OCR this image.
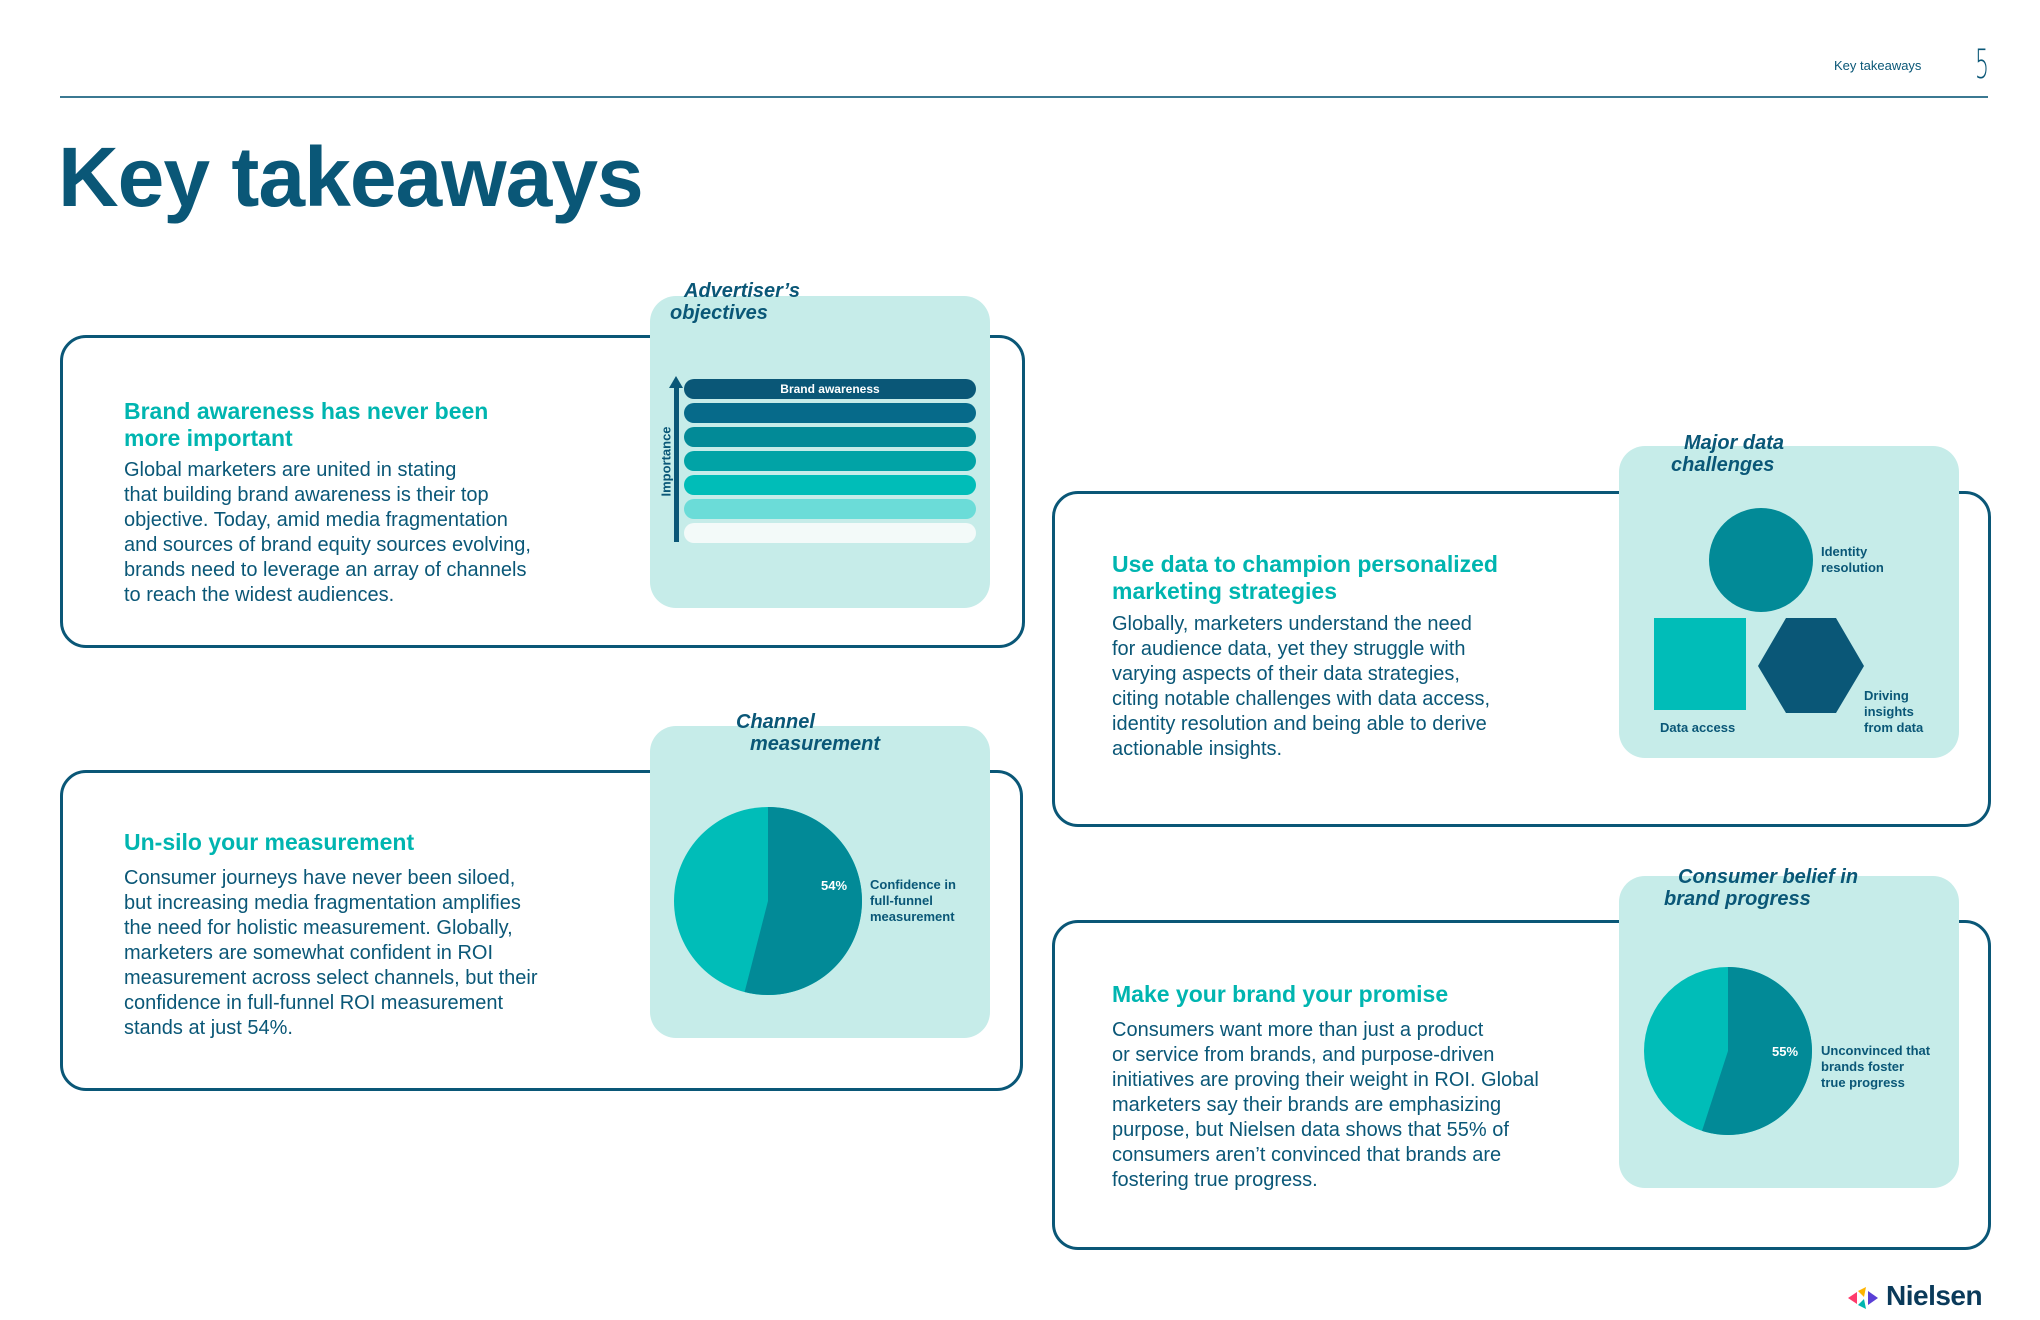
Key takeaways 5
Key takeaways
Brand awareness has never been
more important
Global marketers are united in stating
that building brand awareness is their top
objective. Today, amid media fragmentation
and sources of brand equity sources evolving,
brands need to leverage an array of channels
to reach the widest audiences.
Advertiser’s
objectives
Importance
Brand awareness
Un-silo your measurement
Consumer journeys have never been siloed,
but increasing media fragmentation amplifies
the need for holistic measurement. Globally,
marketers are somewhat confident in ROI
measurement across select channels, but their
confidence in full-funnel ROI measurement
stands at just 54%.
Channel
measurement
54% Confidence in
full-funnel
measurement
Use data to champion personalized
marketing strategies
Globally, marketers understand the need
for audience data, yet they struggle with
varying aspects of their data strategies,
citing notable challenges with data access,
identity resolution and being able to derive
actionable insights.
Major data
challenges
Identity
resolution
Data access
Driving
insights
from data
Make your brand your promise
Consumers want more than just a product
or service from brands, and purpose-driven
initiatives are proving their weight in ROI. Global
marketers say their brands are emphasizing
purpose, but Nielsen data shows that 55% of
consumers aren’t convinced that brands are
fostering true progress.
Consumer belief in
brand progress
55% Unconvinced that
brands foster
true progress
Nielsen
